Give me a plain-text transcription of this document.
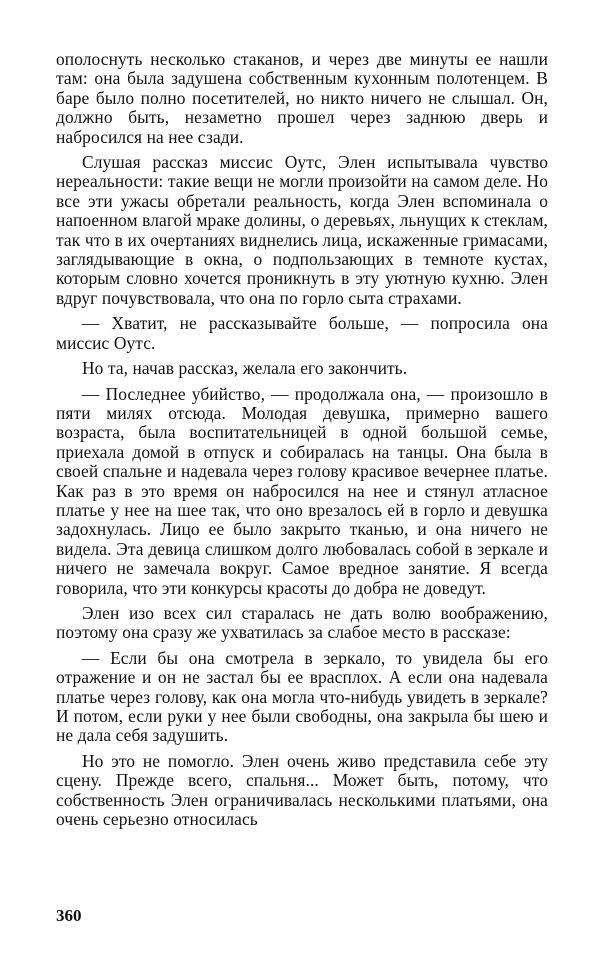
ополоснуть несколько стаканов, и через две минуты ее нашли там: она была задушена собственным кухонным полотенцем. В баре было полно посетителей, но никто ничего не слышал. Он, должно быть, незаметно прошел через заднюю дверь и набросился на нее сзади.

Слушая рассказ миссис Оутс, Элен испытывала чувство нереальности: такие вещи не могли произойти на самом деле. Но все эти ужасы обретали реальность, когда Элен вспоминала о напоенном влагой мраке долины, о деревьях, льнущих к стеклам, так что в их очертаниях виднелись лица, искаженные гримасами, заглядывающие в окна, о подпользающих в темноте кустах, которым словно хочется проникнуть в эту уютную кухню. Элен вдруг почувствовала, что она по горло сыта страхами.

— Хватит, не рассказывайте больше, — попросила она миссис Оутс.

Но та, начав рассказ, желала его закончить.

— Последнее убийство, — продолжала она, — произошло в пяти милях отсюда. Молодая девушка, примерно вашего возраста, была воспитательницей в одной большой семье, приехала домой в отпуск и собиралась на танцы. Она была в своей спальне и надевала через голову красивое вечернее платье. Как раз в это время он набросился на нее и стянул атласное платье у нее на шее так, что оно врезалось ей в горло и девушка задохнулась. Лицо ее было закрыто тканью, и она ничего не видела. Эта девица слишком долго любовалась собой в зеркале и ничего не замечала вокруг. Самое вредное занятие. Я всегда говорила, что эти конкурсы красоты до добра не доведут.

Элен изо всех сил старалась не дать волю воображению, поэтому она сразу же ухватилась за слабое место в рассказе:

— Если бы она смотрела в зеркало, то увидела бы его отражение и он не застал бы ее врасплох. А если она надевала платье через голову, как она могла что-нибудь увидеть в зеркале? И потом, если руки у нее были свободны, она закрыла бы шею и не дала себя задушить.

Но это не помогло. Элен очень живо представила себе эту сцену. Прежде всего, спальня... Может быть, потому, что собственность Элен ограничивалась несколькими платьями, она очень серьезно относилась

360
